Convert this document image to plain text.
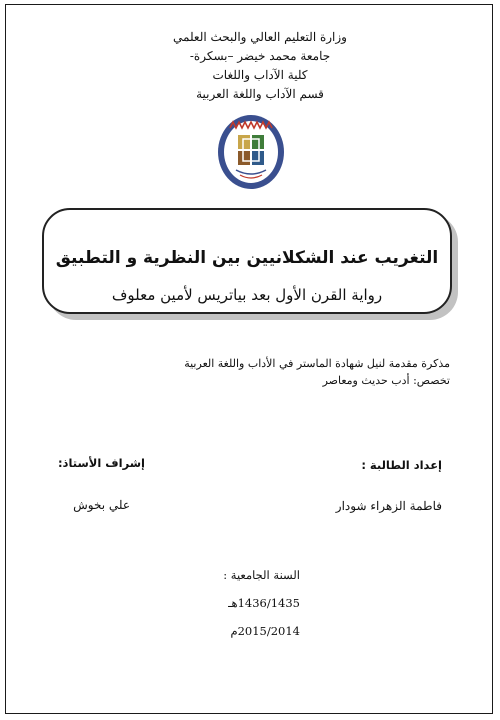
وزارة التعليم العالي والبحث العلمي
جامعة محمد خيضر –بسكرة-
كلية الآداب واللغات
قسم الآداب واللغة العربية
التغريب عند الشكلانيين بين النظرية و التطبيق
رواية القرن الأول بعد بياتريس لأمين معلوف
مذكرة مقدمة لنيل شهادة الماستر في الأداب واللغة العربية
تخصص: أدب حديث ومعاصر
إعداد الطالبة :
إشراف الأستاذ:
فاطمة الزهراء شودار
علي بخوش
السنة الجامعية :
1436/1435هـ
2015/2014م
